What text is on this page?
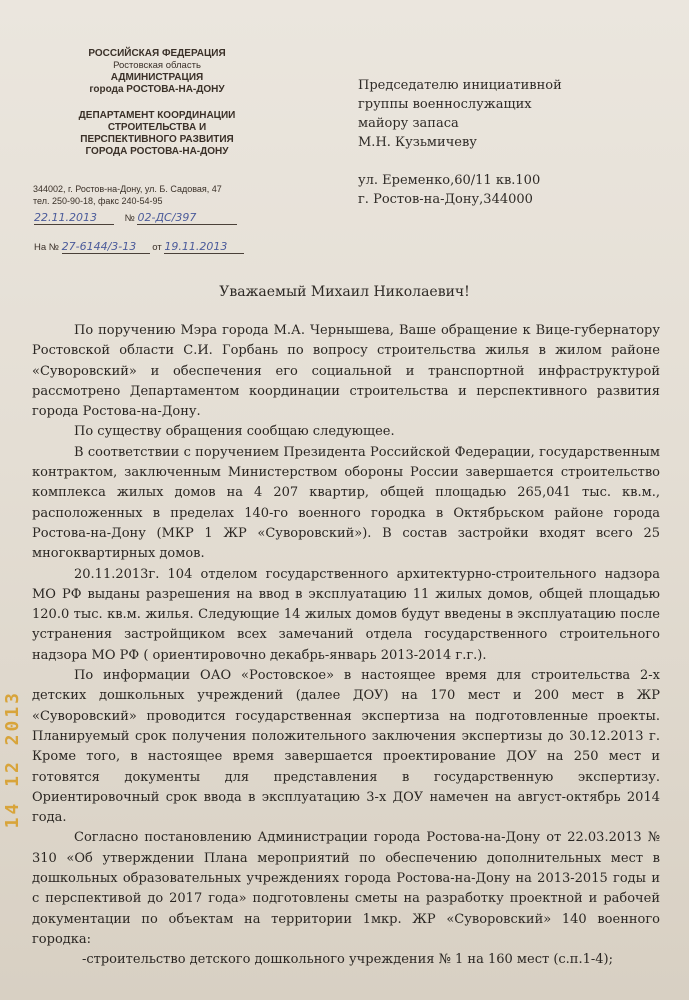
РОССИЙСКАЯ ФЕДЕРАЦИЯ
Ростовская область
АДМИНИСТРАЦИЯ
города РОСТОВА-НА-ДОНУ
ДЕПАРТАМЕНТ КООРДИНАЦИИ
СТРОИТЕЛЬСТВА И
ПЕРСПЕКТИВНОГО РАЗВИТИЯ
ГОРОДА РОСТОВА-НА-ДОНУ
344002, г. Ростов-на-Дону, ул. Б. Садовая, 47
тел. 250-90-18, факс 240-54-95
22.11.2013	№ 02-ДС/397
На № 27-6144/3-13 от 19.11.2013
Председателю инициативной
группы военнослужащих
майору запаса
М.Н. Кузьмичеву
ул. Еременко,60/11 кв.100
г. Ростов-на-Дону,344000
Уважаемый Михаил Николаевич!

По поручению Мэра города М.А. Чернышева, Ваше обращение к Вице-губернатору Ростовской области С.И. Горбань по вопросу строительства жилья в жилом районе «Суворовский» и обеспечения его социальной и транспортной инфраструктурой рассмотрено Департаментом координации строительства и перспективного развития города Ростова-на-Дону.

По существу обращения сообщаю следующее.

В соответствии с поручением Президента Российской Федерации, государственным контрактом, заключенным Министерством обороны России завершается строительство комплекса жилых домов на 4 207 квартир, общей площадью 265,041 тыс. кв.м., расположенных в пределах 140-го военного городка в Октябрьском районе города Ростова-на-Дону (МКР 1 ЖР «Суворовский»). В состав застройки входят всего 25 многоквартирных домов.

20.11.2013г. 104 отделом государственного архитектурно-строительного надзора МО РФ выданы разрешения на ввод в эксплуатацию 11 жилых домов, общей площадью 120.0 тыс. кв.м. жилья. Следующие 14 жилых домов будут введены в эксплуатацию после устранения застройщиком всех замечаний отдела государственного строительного надзора МО РФ ( ориентировочно декабрь-январь 2013-2014 г.г.).

По информации ОАО «Ростовское» в настоящее время для строительства 2-х детских дошкольных учреждений (далее ДОУ) на 170 мест и 200 мест в ЖР «Суворовский» проводится государственная экспертиза на подготовленные проекты. Планируемый срок получения положительного заключения экспертизы до 30.12.2013 г. Кроме того, в настоящее время завершается проектирование ДОУ на 250 мест и готовятся документы для представления в государственную экспертизу. Ориентировочный срок ввода в эксплуатацию 3-х ДОУ намечен на август-октябрь 2014 года.

Согласно постановлению Администрации города Ростова-на-Дону от 22.03.2013 № 310 «Об утверждении Плана мероприятий по обеспечению дополнительных мест в дошкольных образовательных учреждениях города Ростова-на-Дону на 2013-2015 годы и с перспективой до 2017 года» подготовлены сметы на разработку проектной и рабочей документации по объектам на территории 1мкр. ЖР «Суворовский» 140 военного городка:

-строительство детского дошкольного учреждения № 1 на 160 мест (с.п.1-4);

14 12 2013
